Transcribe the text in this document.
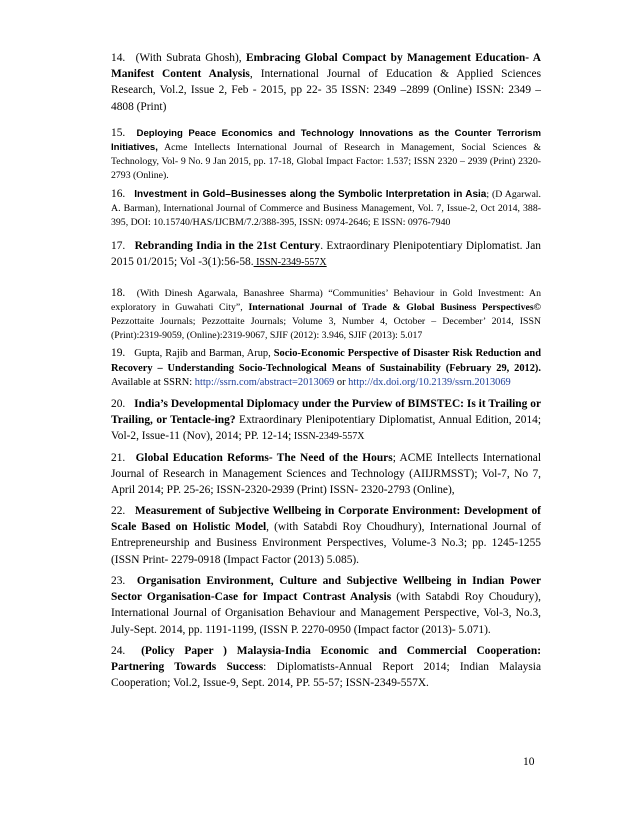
14. (With Subrata Ghosh), Embracing Global Compact by Management Education- A Manifest Content Analysis, International Journal of Education & Applied Sciences Research, Vol.2, Issue 2, Feb - 2015, pp 22- 35 ISSN: 2349 –2899 (Online) ISSN: 2349 – 4808 (Print)

15. Deploying Peace Economics and Technology Innovations as the Counter Terrorism Initiatives, Acme Intellects International Journal of Research in Management, Social Sciences & Technology, Vol- 9 No. 9 Jan 2015, pp. 17-18, Global Impact Factor: 1.537; ISSN 2320 – 2939 (Print) 2320-2793 (Online).

16. Investment in Gold–Businesses along the Symbolic Interpretation in Asia; (D Agarwal. A. Barman), International Journal of Commerce and Business Management, Vol. 7, Issue-2, Oct 2014, 388-395, DOI: 10.15740/HAS/IJCBM/7.2/388-395, ISSN: 0974-2646; E ISSN: 0976-7940

17. Rebranding India in the 21st Century. Extraordinary Plenipotentiary Diplomatist. Jan 2015 01/2015; Vol -3(1):56-58. ISSN-2349-557X

18. (With Dinesh Agarwala, Banashree Sharma) “Communities’ Behaviour in Gold Investment: An exploratory in Guwahati City”, International Journal of Trade & Global Business Perspectives© Pezzottaite Journals; Pezzottaite Journals; Volume 3, Number 4, October – December’ 2014, ISSN (Print):2319-9059, (Online):2319-9067, SJIF (2012): 3.946, SJIF (2013): 5.017

19. Gupta, Rajib and Barman, Arup, Socio-Economic Perspective of Disaster Risk Reduction and Recovery – Understanding Socio-Technological Means of Sustainability (February 29, 2012). Available at SSRN: http://ssrn.com/abstract=2013069 or http://dx.doi.org/10.2139/ssrn.2013069

20. India’s Developmental Diplomacy under the Purview of BIMSTEC: Is it Trailing or Trailing, or Tentacle-ing? Extraordinary Plenipotentiary Diplomatist, Annual Edition, 2014; Vol-2, Issue-11 (Nov), 2014; PP. 12-14; ISSN-2349-557X

21. Global Education Reforms- The Need of the Hours; ACME Intellects International Journal of Research in Management Sciences and Technology (AIIJRMSST); Vol-7, No 7, April 2014; PP. 25-26; ISSN-2320-2939 (Print) ISSN- 2320-2793 (Online),

22. Measurement of Subjective Wellbeing in Corporate Environment: Development of Scale Based on Holistic Model, (with Satabdi Roy Choudhury), International Journal of Entrepreneurship and Business Environment Perspectives, Volume-3 No.3; pp. 1245-1255 (ISSN Print- 2279-0918 (Impact Factor (2013) 5.085).

23. Organisation Environment, Culture and Subjective Wellbeing in Indian Power Sector Organisation-Case for Impact Contrast Analysis (with Satabdi Roy Choudury), International Journal of Organisation Behaviour and Management Perspective, Vol-3, No.3, July-Sept. 2014, pp. 1191-1199, (ISSN P. 2270-0950 (Impact factor (2013)- 5.071).

24. (Policy Paper ) Malaysia-India Economic and Commercial Cooperation: Partnering Towards Success: Diplomatists-Annual Report 2014; Indian Malaysia Cooperation; Vol.2, Issue-9, Sept. 2014, PP. 55-57; ISSN-2349-557X.

10
